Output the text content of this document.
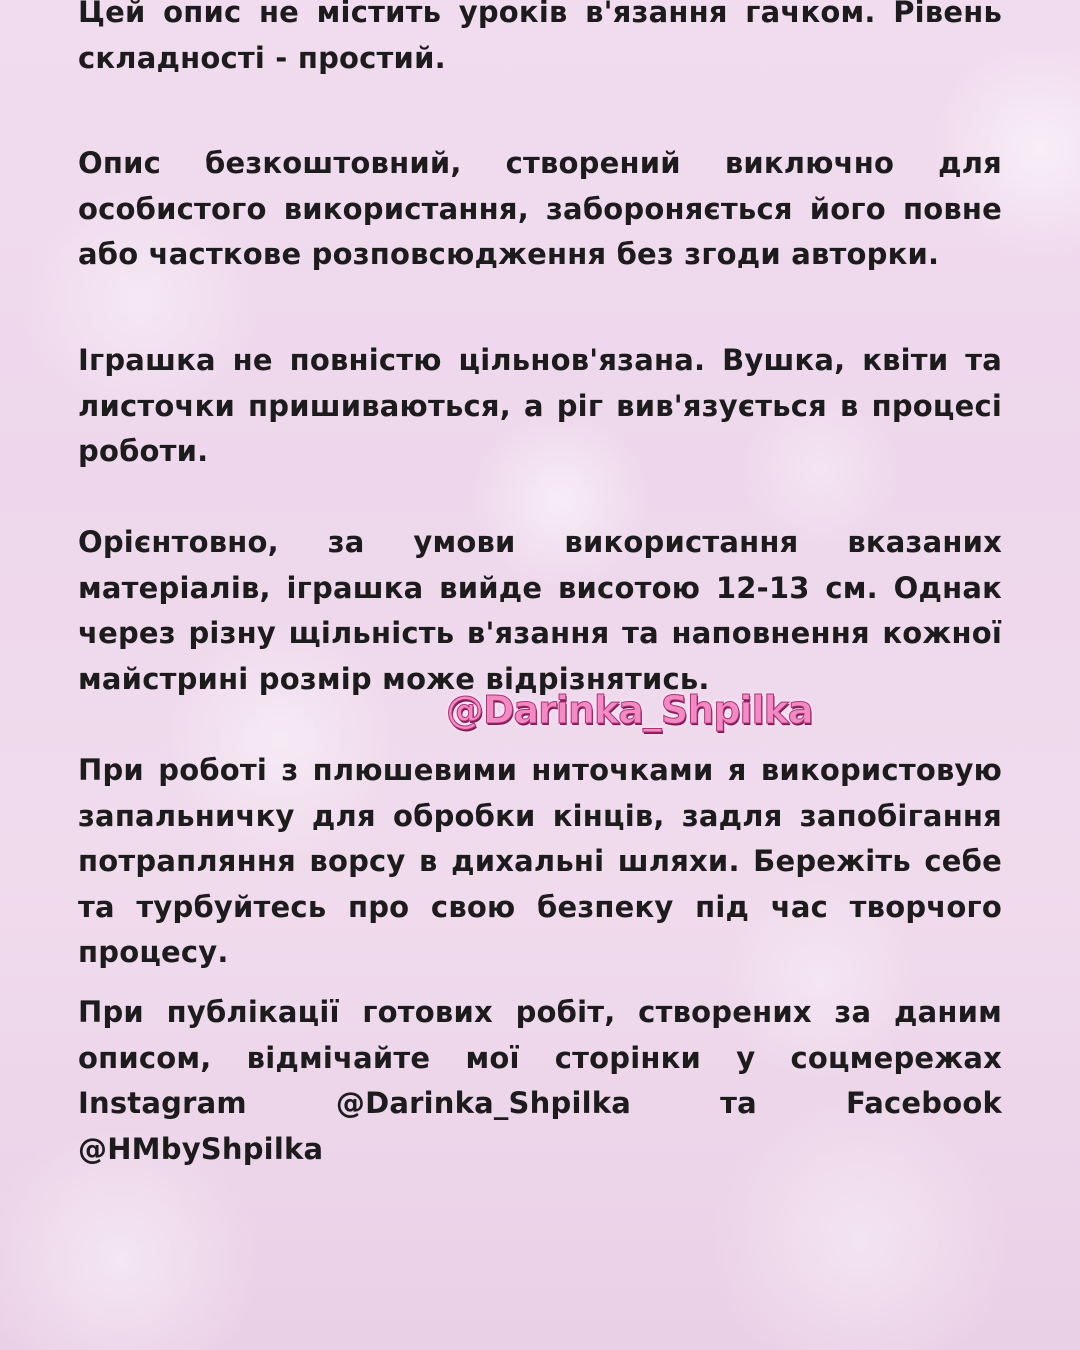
Цей опис не містить уроків в'язання гачком. Рівень складності - простий.

Опис безкоштовний, створений виключно для особистого використання, забороняється його повне або часткове розповсюдження без згоди авторки.

Іграшка не повністю цільнов'язана. Вушка, квіти та листочки пришиваються, а ріг вив'язується в процесі роботи.

Орієнтовно, за умови використання вказаних матеріалів, іграшка вийде висотою 12-13 см. Однак через різну щільність в'язання та наповнення кожної майстрині розмір може відрізнятись.

При роботі з плюшевими ниточками я використовую запальничку для обробки кінців, задля запобігання потрапляння ворсу в дихальні шляхи. Бережіть себе та турбуйтесь про свою безпеку під час творчого процесу.

При публікації готових робіт, створених за даним описом, відмічайте мої сторінки у соцмережах Instagram @Darinka_Shpilka та Facebook @HMbyShpilka

@Darinka_Shpilka
